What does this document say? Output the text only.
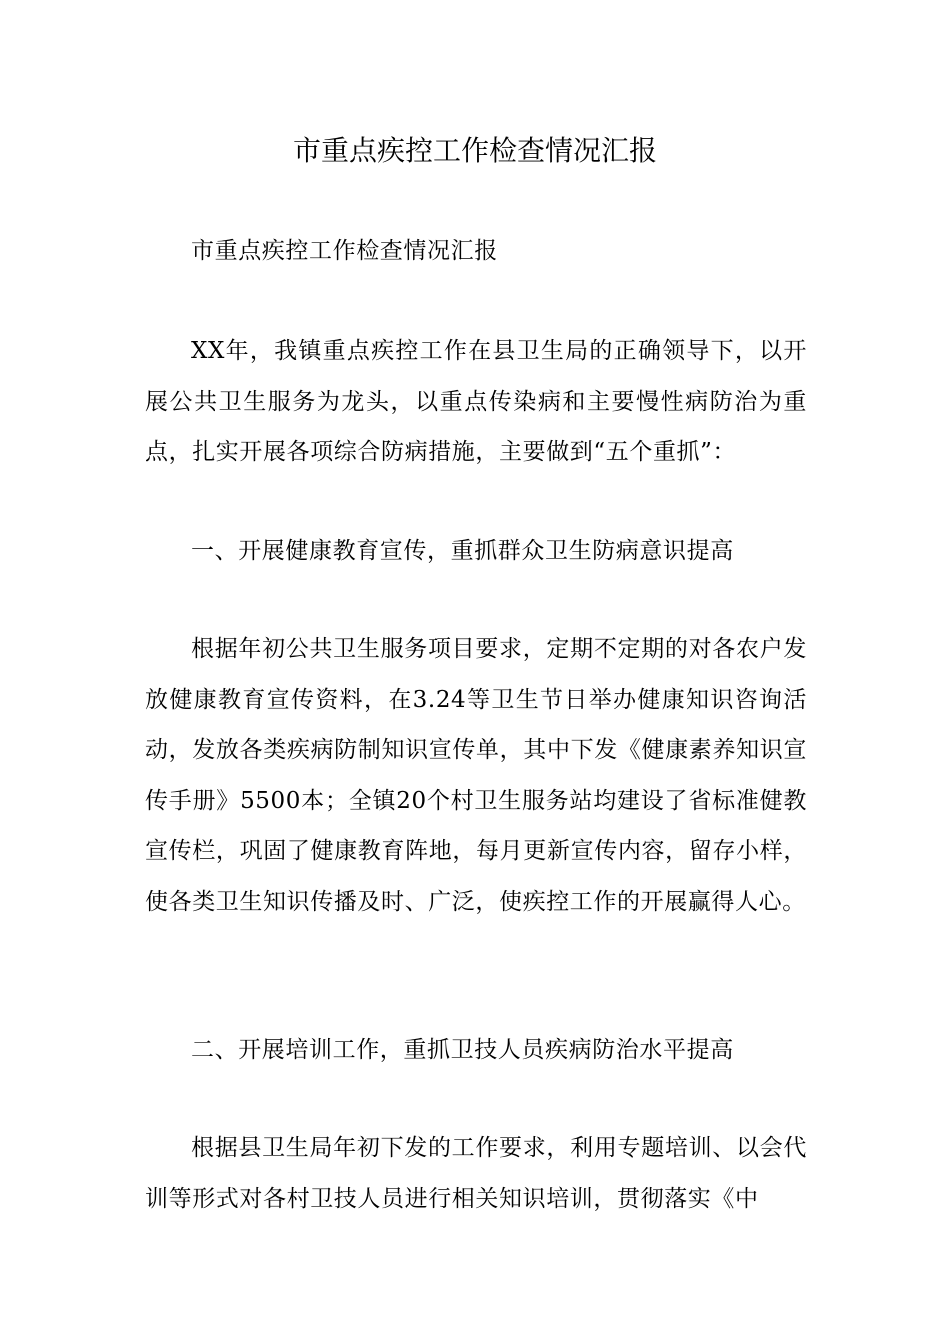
市重点疾控工作检查情况汇报

市重点疾控工作检查情况汇报

XX年，我镇重点疾控工作在县卫生局的正确领导下，以开展公共卫生服务为龙头，以重点传染病和主要慢性病防治为重点，扎实开展各项综合防病措施，主要做到“五个重抓”：

一、开展健康教育宣传，重抓群众卫生防病意识提高

根据年初公共卫生服务项目要求，定期不定期的对各农户发放健康教育宣传资料，在3.24等卫生节日举办健康知识咨询活动，发放各类疾病防制知识宣传单，其中下发《健康素养知识宣传手册》5500本；全镇20个村卫生服务站均建设了省标准健教宣传栏，巩固了健康教育阵地，每月更新宣传内容，留存小样，使各类卫生知识传播及时、广泛，使疾控工作的开展赢得人心。

二、开展培训工作，重抓卫技人员疾病防治水平提高

根据县卫生局年初下发的工作要求，利用专题培训、以会代训等形式对各村卫技人员进行相关知识培训，贯彻落实《中
